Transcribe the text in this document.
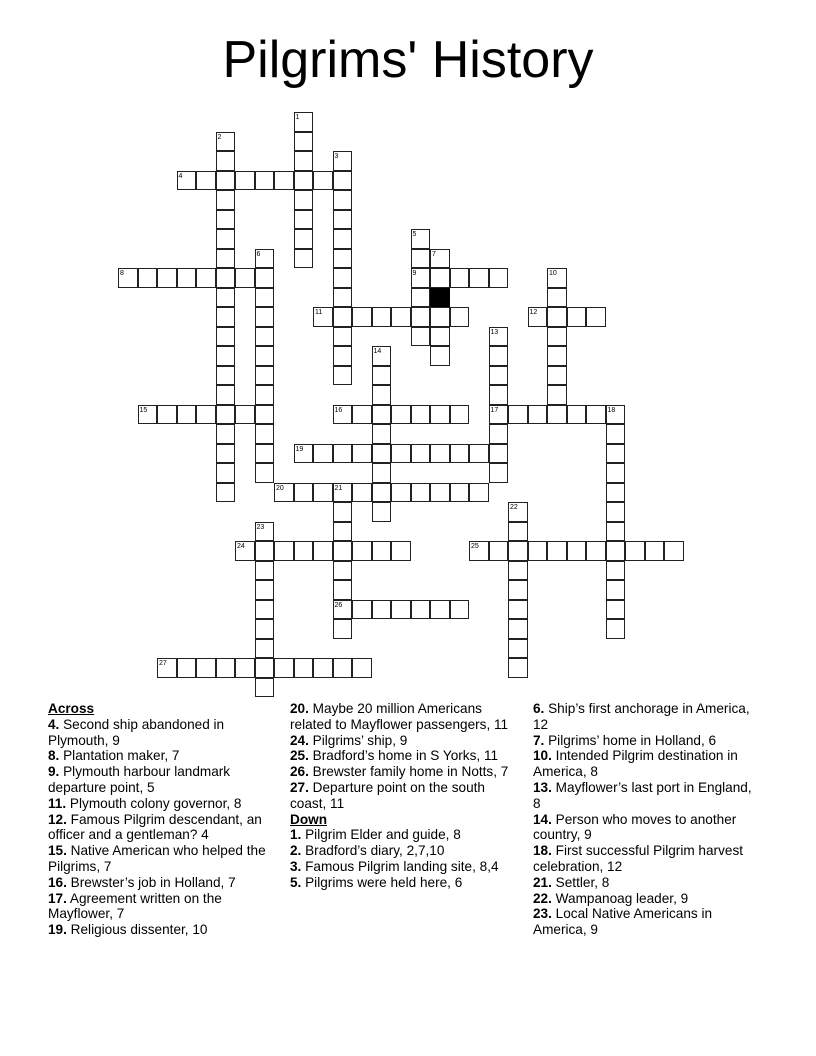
Pilgrims' History
1
2
3
4
5
9
6	7
8	10
11	12
13
17
14
15	16	18
19
20	21
26
22
23
24	25
27
Across
4. Second ship abandoned in Plymouth, 9
8. Plantation maker, 7
9. Plymouth harbour landmark departure point, 5
11. Plymouth colony governor, 8
12. Famous Pilgrim descendant, an officer and a gentleman? 4
15. Native American who helped the Pilgrims, 7
16. Brewster’s job in Holland, 7
17. Agreement written on the Mayflower, 7
19. Religious dissenter, 10
20. Maybe 20 million Americans related to Mayflower passengers, 11
24. Pilgrims’ ship, 9
25. Bradford’s home in S Yorks, 11
26. Brewster family home in Notts, 7
27. Departure point on the south coast, 11
Down
1. Pilgrim Elder and guide, 8
2. Bradford’s diary, 2,7,10
3. Famous Pilgrim landing site, 8,4
5. Pilgrims were held here, 6
6. Ship’s first anchorage in America, 12
7. Pilgrims’ home in Holland, 6
10. Intended Pilgrim destination in America, 8
13. Mayflower’s last port in England, 8
14. Person who moves to another country, 9
18. First successful Pilgrim harvest celebration, 12
21. Settler, 8
22. Wampanoag leader, 9
23. Local Native Americans in America, 9
